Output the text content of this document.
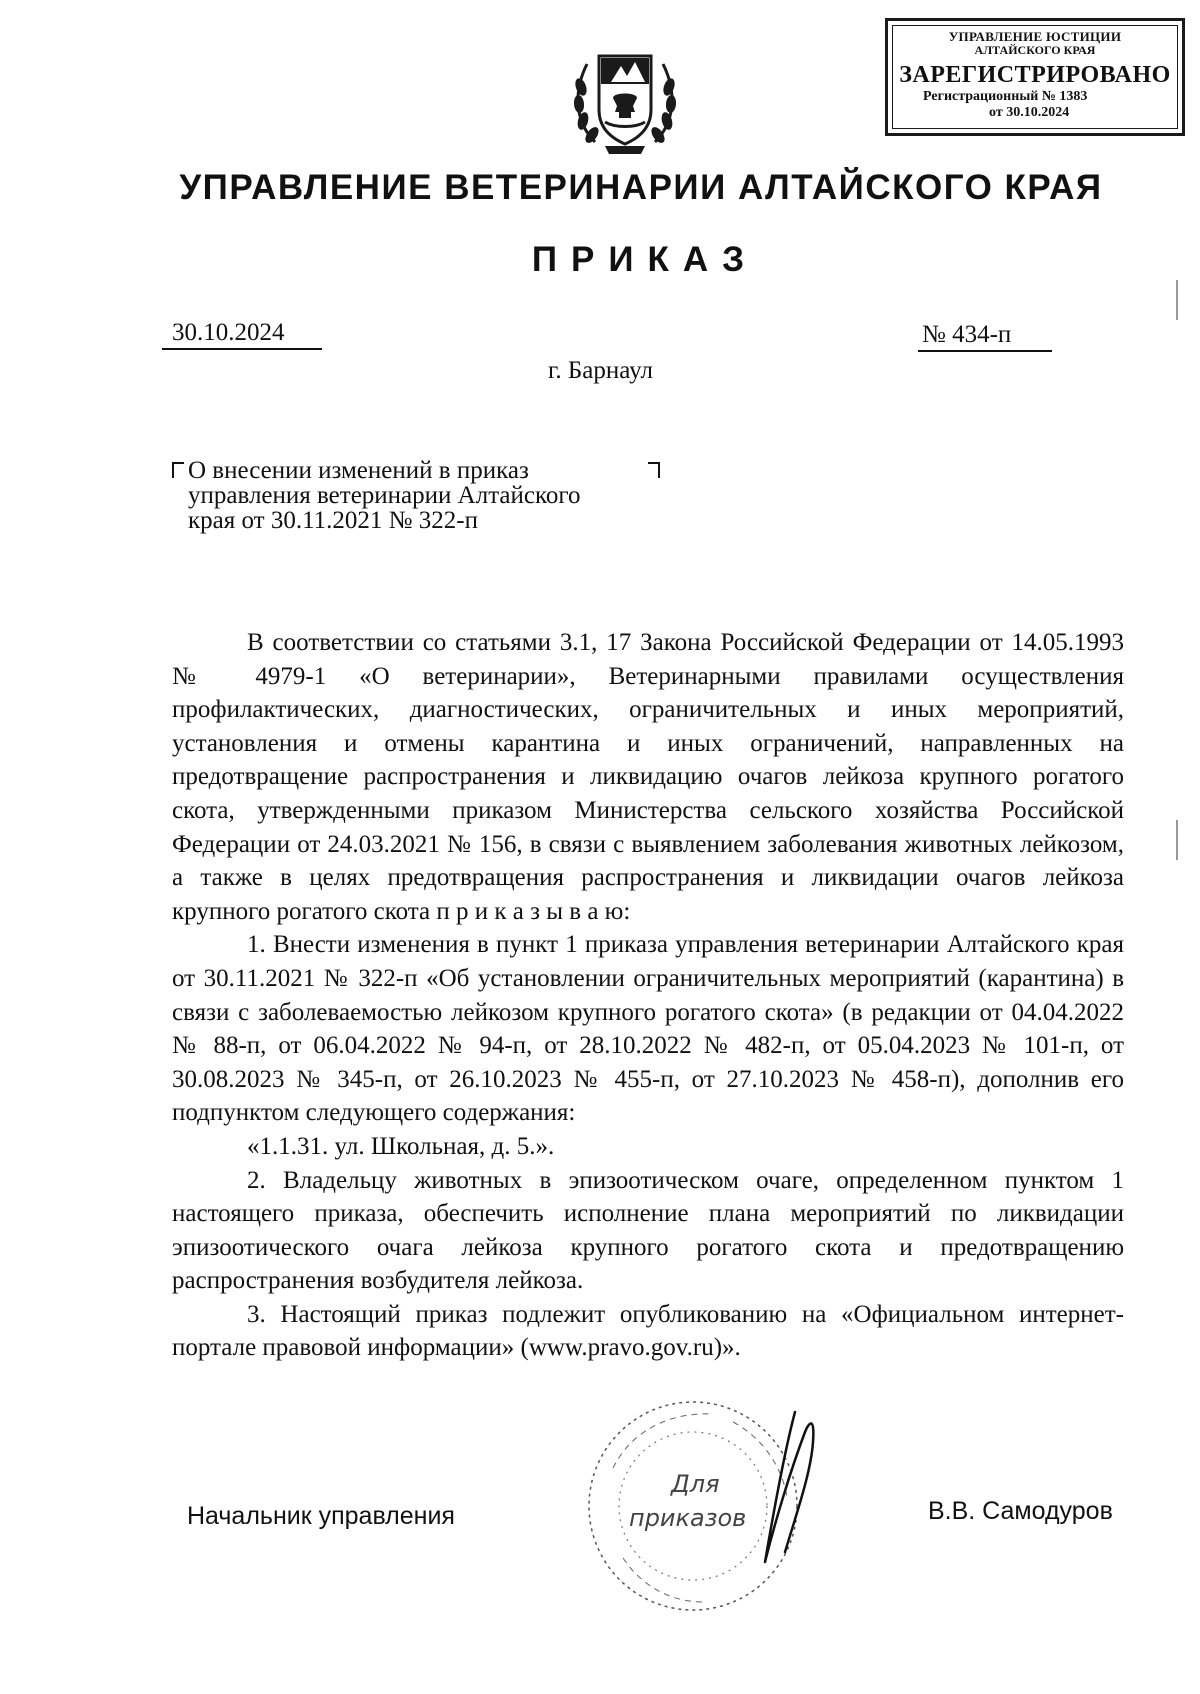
УПРАВЛЕНИЕ ЮСТИЦИИ
АЛТАЙСКОГО КРАЯ
ЗАРЕГИСТРИРОВАНО
Регистрационный № 1383
от 30.10.2024
УПРАВЛЕНИЕ ВЕТЕРИНАРИИ АЛТАЙСКОГО КРАЯ
ПРИКАЗ
30.10.2024	№ 434-п
г. Барнаул
О внесении изменений в приказ
управления ветеринарии Алтайского
края от 30.11.2021 № 322-п

В соответствии со статьями 3.1, 17 Закона Российской Федерации от 14.05.1993 № 4979-1 «О ветеринарии», Ветеринарными правилами осуществления профилактических, диагностических, ограничительных и иных мероприятий, установления и отмены карантина и иных ограничений, направленных на предотвращение распространения и ликвидацию очагов лейкоза крупного рогатого скота, утвержденными приказом Министерства сельского хозяйства Российской Федерации от 24.03.2021 № 156, в связи с выявлением заболевания животных лейкозом, а также в целях предотвращения распространения и ликвидации очагов лейкоза крупного рогатого скота п р и к а з ы в а ю:

1. Внести изменения в пункт 1 приказа управления ветеринарии Алтайского края от 30.11.2021 № 322-п «Об установлении ограничительных мероприятий (карантина) в связи с заболеваемостью лейкозом крупного рогатого скота» (в редакции от 04.04.2022 № 88-п, от 06.04.2022 № 94-п, от 28.10.2022 № 482-п, от 05.04.2023 № 101-п, от 30.08.2023 № 345-п, от 26.10.2023 № 455-п, от 27.10.2023 № 458-п), дополнив его подпунктом следующего содержания:

«1.1.31. ул. Школьная, д. 5.».

2. Владельцу животных в эпизоотическом очаге, определенном пунктом 1 настоящего приказа, обеспечить исполнение плана мероприятий по ликвидации эпизоотического очага лейкоза крупного рогатого скота и предотвращению распространения возбудителя лейкоза.

3. Настоящий приказ подлежит опубликованию на «Официальном интернет-портале правовой информации» (www.pravo.gov.ru)».

Для
приказов
Начальник управления	В.В. Самодуров
